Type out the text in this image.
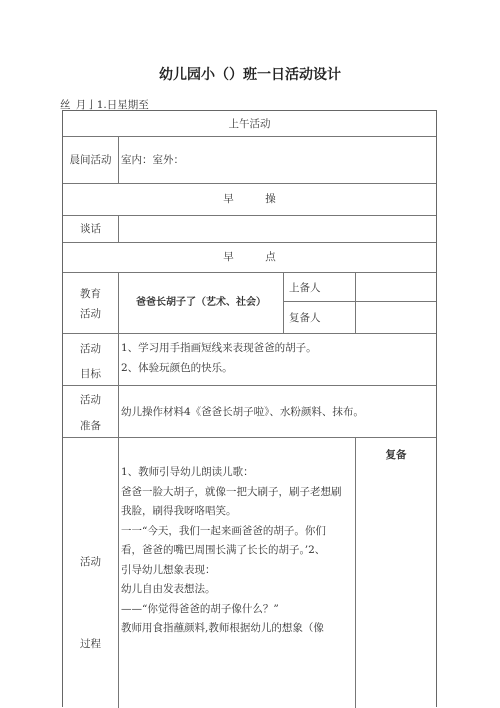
幼儿园小（）班一日活动设计
丝_月亅1.日星期至
上午活动
晨间活动 室内：室外：
早　　　操
谈话
早　　　点
教育
活动
爸爸长胡子了（艺术、社会）
上备人
复备人
活动
目标

1、学习用手指画短线来表现爸爸的胡子。

2、体验玩颜色的快乐。

活动
准备
幼儿操作材料4《爸爸长胡子啦》、水粉颜料、抹布。
复备
活动
过程

1、教师引导幼儿朗读儿歌：

爸爸一脸大胡子，就像一把大刷子，刷子老想刷

我脸，刷得我呀咯唱笑。

一一“今天，我们一起来画爸爸的胡子。你们

看，爸爸的嘴巴周围长满了长长的胡子。’2、

引导幼儿想象表现：

幼儿自由发表想法。

——“你觉得爸爸的胡子像什么？”

教师用食指蘸颜料,教师根据幼儿的想象（像
